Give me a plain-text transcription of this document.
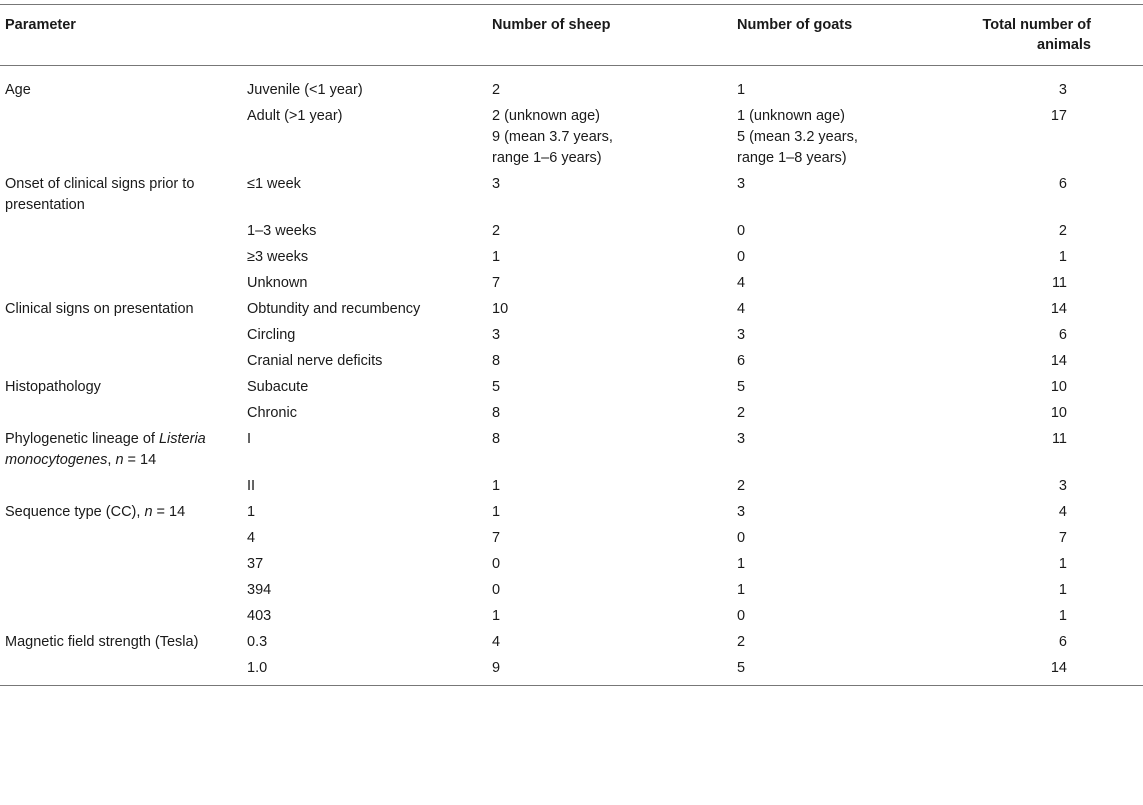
Parameter		Number of sheep	Number of goats	Total number of animals
Age	Juvenile (<1 year)	2	1	3
	Adult (>1 year)	2 (unknown age)
9 (mean 3.7 years,
range 1–6 years)	1 (unknown age)
5 (mean 3.2 years,
range 1–8 years)	17
Onset of clinical signs prior to presentation	≤1 week	3	3	6
	1–3 weeks	2	0	2
	≥3 weeks	1	0	1
	Unknown	7	4	11
Clinical signs on presentation	Obtundity and recumbency	10	4	14
	Circling	3	3	6
	Cranial nerve deficits	8	6	14
Histopathology	Subacute	5	5	10
	Chronic	8	2	10
Phylogenetic lineage of Listeria monocytogenes, n = 14	I	8	3	11
	II	1	2	3
Sequence type (CC), n = 14	1	1	3	4
	4	7	0	7
	37	0	1	1
	394	0	1	1
	403	1	0	1
Magnetic field strength (Tesla)	0.3	4	2	6
	1.0	9	5	14
